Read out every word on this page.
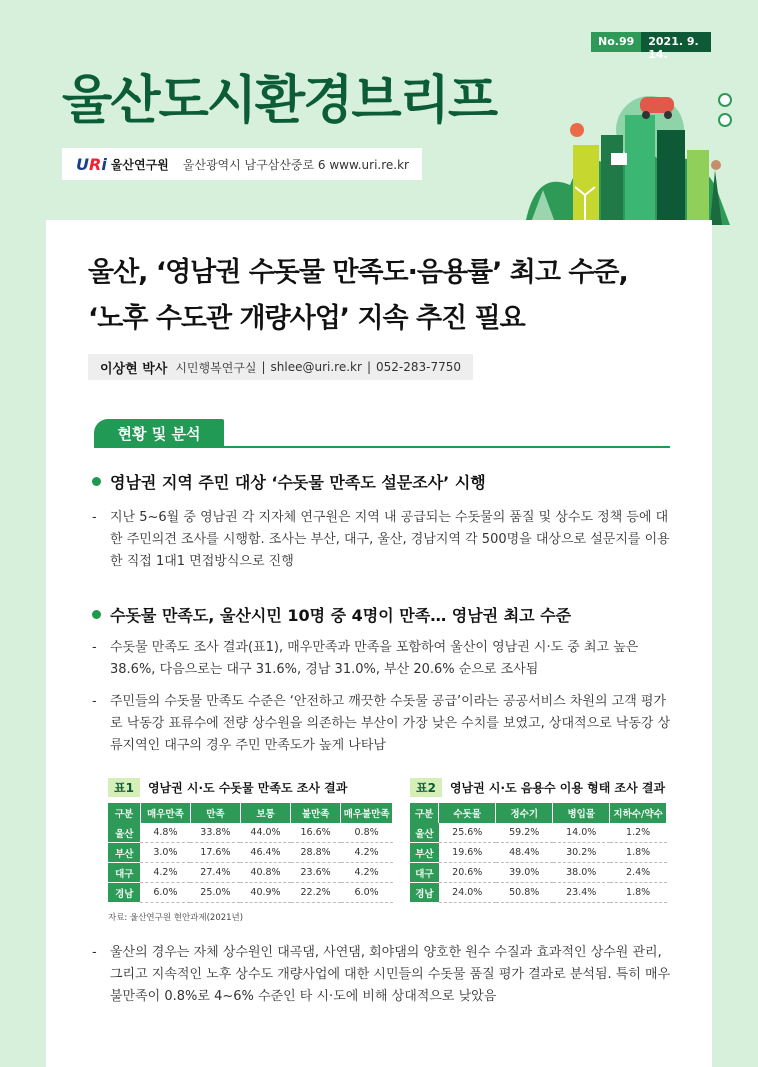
No.99	2021. 9. 14.
울산도시환경브리프
URi 울산연구원 울산광역시 남구삼산중로 6 www.uri.re.kr
울산, ‘영남권 수돗물 만족도·음용률’ 최고 수준,
‘노후 수도관 개량사업’ 지속 추진 필요
이상현 박사 시민행복연구실 | shlee@uri.re.kr | 052-283-7750
현황 및 분석
영남권 지역 주민 대상 ‘수돗물 만족도 설문조사’ 시행
-	지난 5~6월 중 영남권 각 지자체 연구원은 지역 내 공급되는 수돗물의 품질 및 상수도 정책 등에 대한 주민의견 조사를 시행함. 조사는 부산, 대구, 울산, 경남지역 각 500명을 대상으로 설문지를 이용한 직접 1대1 면접방식으로 진행
수돗물 만족도, 울산시민 10명 중 4명이 만족… 영남권 최고 수준
-	수돗물 만족도 조사 결과(표1), 매우만족과 만족을 포함하여 울산이 영남권 시·도 중 최고 높은 38.6%, 다음으로는 대구 31.6%, 경남 31.0%, 부산 20.6% 순으로 조사됨
-	주민들의 수돗물 만족도 수준은 ‘안전하고 깨끗한 수돗물 공급’이라는 공공서비스 차원의 고객 평가로 낙동강 표류수에 전량 상수원을 의존하는 부산이 가장 낮은 수치를 보였고, 상대적으로 낙동강 상류지역인 대구의 경우 주민 만족도가 높게 나타남
표1	영남권 시·도 수돗물 만족도 조사 결과
구분	매우만족	만족	보통	불만족	매우불만족
울산	4.8%	33.8%	44.0%	16.6%	0.8%
부산	3.0%	17.6%	46.4%	28.8%	4.2%
대구	4.2%	27.4%	40.8%	23.6%	4.2%
경남	6.0%	25.0%	40.9%	22.2%	6.0%
표2	영남권 시·도 음용수 이용 형태 조사 결과
구분	수돗물	정수기	병입물	지하수/약수
울산	25.6%	59.2%	14.0%	1.2%
부산	19.6%	48.4%	30.2%	1.8%
대구	20.6%	39.0%	38.0%	2.4%
경남	24.0%	50.8%	23.4%	1.8%
자료: 울산연구원 현안과제(2021년)
-	울산의 경우는 자체 상수원인 대곡댐, 사연댐, 회야댐의 양호한 원수 수질과 효과적인 상수원 관리, 그리고 지속적인 노후 상수도 개량사업에 대한 시민들의 수돗물 품질 평가 결과로 분석됨. 특히 매우 불만족이 0.8%로 4~6% 수준인 타 시·도에 비해 상대적으로 낮았음
